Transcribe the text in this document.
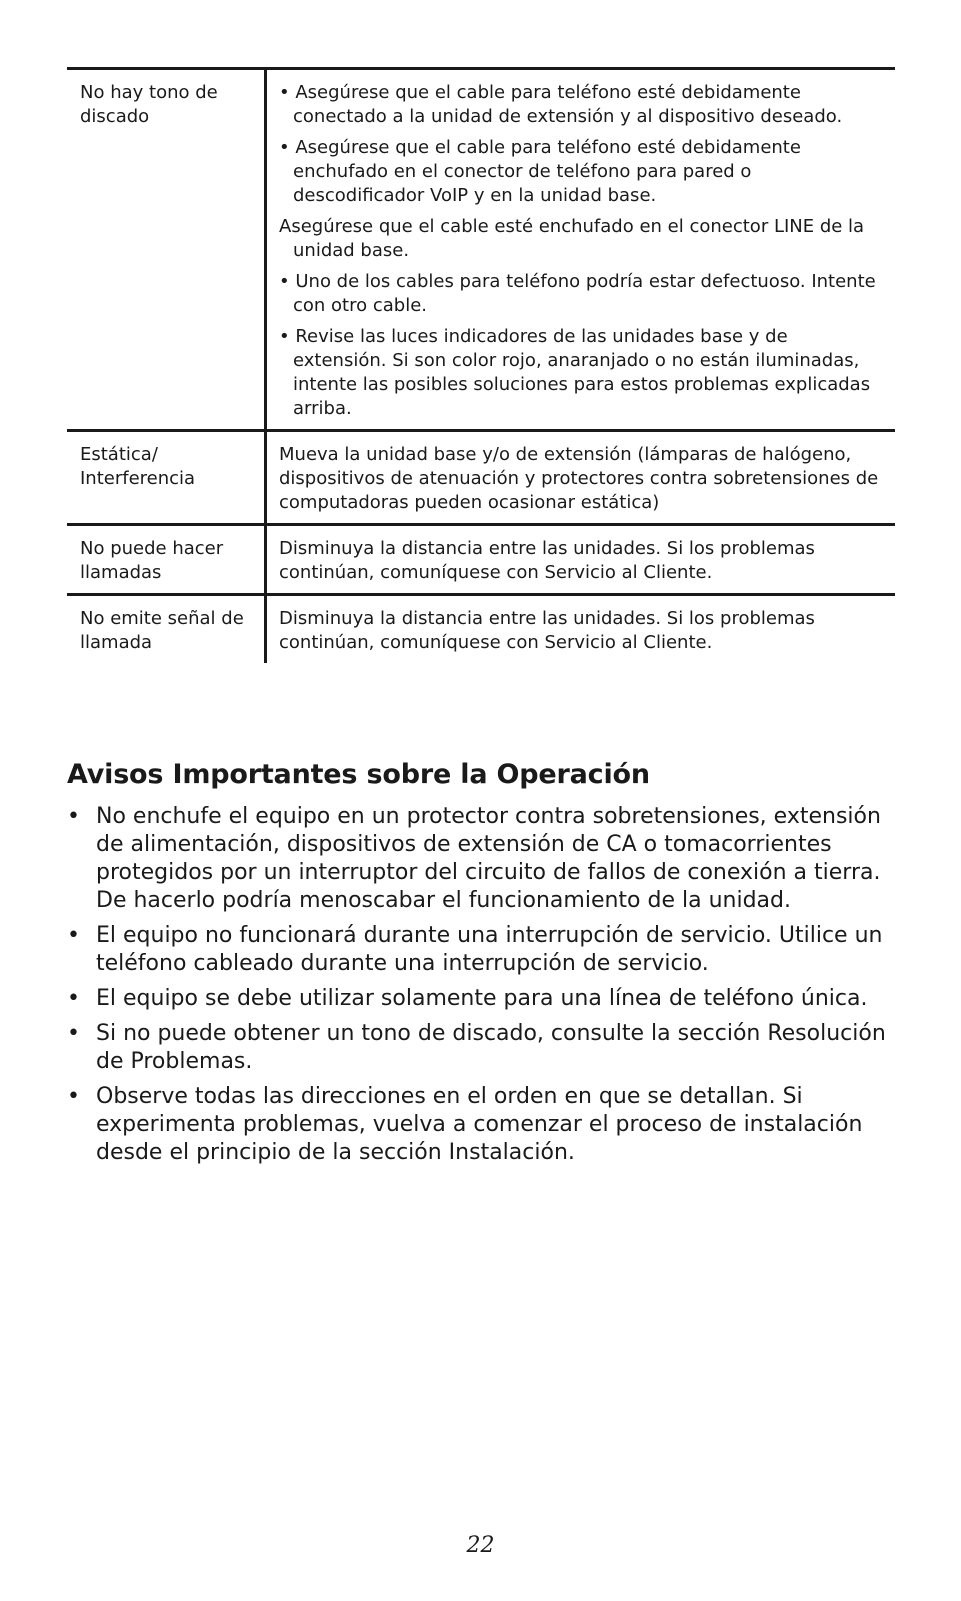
No hay tono de discado
• Asegúrese que el cable para teléfono esté debidamente conectado a la unidad de extensión y al dispositivo deseado.
• Asegúrese que el cable para teléfono esté debidamente enchufado en el conector de teléfono para pared o descodificador VoIP y en la unidad base.
Asegúrese que el cable esté enchufado en el conector LINE de la unidad base.
• Uno de los cables para teléfono podría estar defectuoso. Intente con otro cable.
• Revise las luces indicadores de las unidades base y de extensión. Si son color rojo, anaranjado o no están iluminadas, intente las posibles soluciones para estos problemas explicadas arriba.
Estática/ Interferencia
Mueva la unidad base y/o de extensión (lámparas de halógeno, dispositivos de atenuación y protectores contra sobretensiones de computadoras pueden ocasionar estática)
No puede hacer llamadas
Disminuya la distancia entre las unidades. Si los problemas continúan, comuníquese con Servicio al Cliente.
No emite señal de llamada
Disminuya la distancia entre las unidades. Si los problemas continúan, comuníquese con Servicio al Cliente.
Avisos Importantes sobre la Operación
• No enchufe el equipo en un protector contra sobretensiones, extensión de alimentación, dispositivos de extensión de CA o tomacorrientes protegidos por un interruptor del circuito de fallos de conexión a tierra. De hacerlo podría menoscabar el funcionamiento de la unidad.
• El equipo no funcionará durante una interrupción de servicio. Utilice un teléfono cableado durante una interrupción de servicio.
• El equipo se debe utilizar solamente para una línea de teléfono única.
• Si no puede obtener un tono de discado, consulte la sección Resolución de Problemas.
• Observe todas las direcciones en el orden en que se detallan. Si experimenta problemas, vuelva a comenzar el proceso de instalación desde el principio de la sección Instalación.
22
